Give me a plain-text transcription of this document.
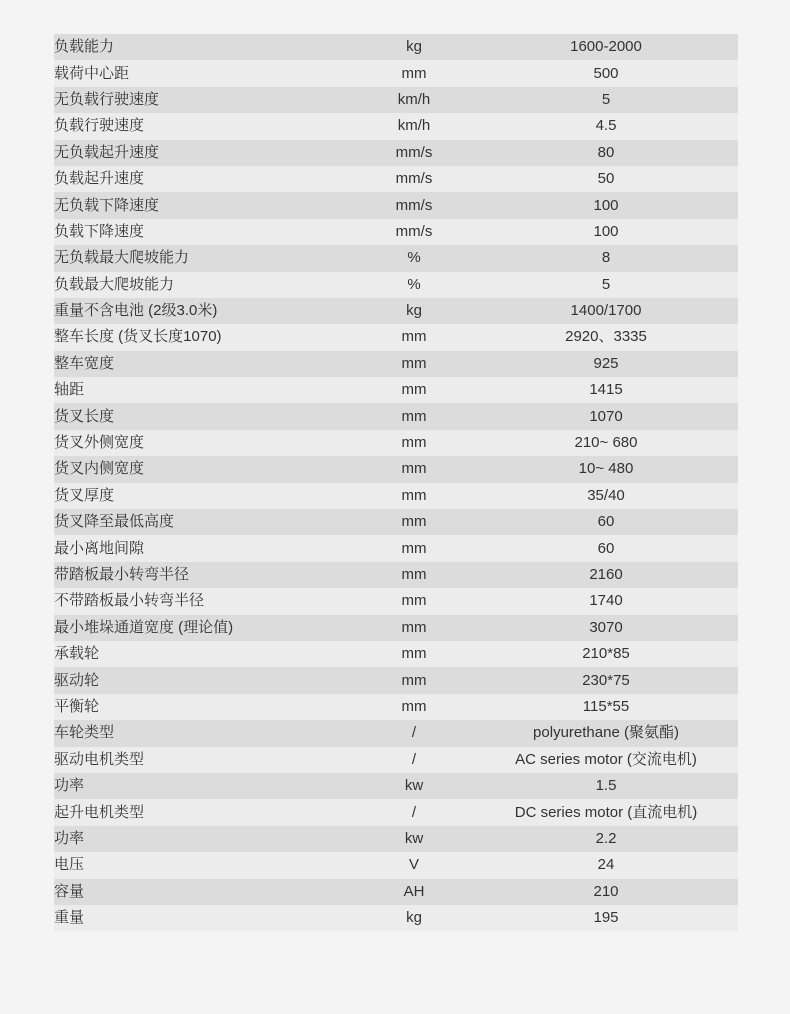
负载能力	kg	1600-2000
载荷中心距	mm	500
无负载行驶速度	km/h	5
负载行驶速度	km/h	4.5
无负载起升速度	mm/s	80
负载起升速度	mm/s	50
无负载下降速度	mm/s	100
负载下降速度	mm/s	100
无负载最大爬坡能力	%	8
负载最大爬坡能力	%	5
重量不含电池 (2级3.0米)	kg	1400/1700
整车长度 (货叉长度1070)	mm	2920、3335
整车宽度	mm	925
轴距	mm	1415
货叉长度	mm	1070
货叉外侧宽度	mm	210~ 680
货叉内侧宽度	mm	10~ 480
货叉厚度	mm	35/40
货叉降至最低高度	mm	60
最小离地间隙	mm	60
带踏板最小转弯半径	mm	2160
不带踏板最小转弯半径	mm	1740
最小堆垛通道宽度 (理论值)	mm	3070
承载轮	mm	210*85
驱动轮	mm	230*75
平衡轮	mm	115*55
车轮类型	/	polyurethane (聚氨酯)
驱动电机类型	/	AC series motor (交流电机)
功率	kw	1.5
起升电机类型	/	DC series motor (直流电机)
功率	kw	2.2
电压	V	24
容量	AH	210
重量	kg	195
